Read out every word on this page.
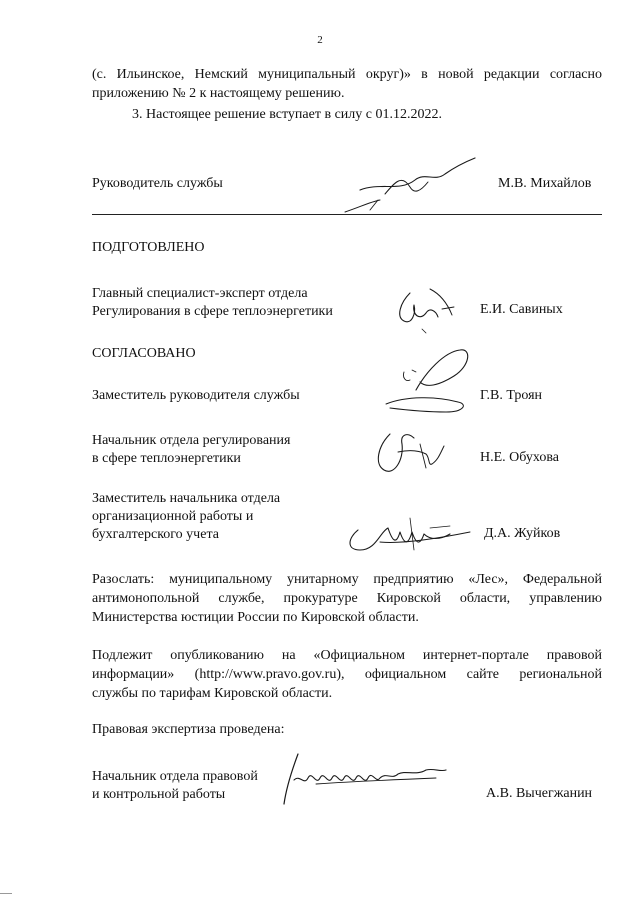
2
(с. Ильинское, Немский муниципальный округ)» в новой редакции согласно
приложению № 2 к настоящему решению.
3. Настоящее решение вступает в силу с 01.12.2022.
Руководитель службы	М.В. Михайлов
ПОДГОТОВЛЕНО
Главный специалист-эксперт отдела
Регулирования в сфере теплоэнергетики	Е.И. Савиных
СОГЛАСОВАНО
Заместитель руководителя службы	Г.В. Троян
Начальник отдела регулирования
в сфере теплоэнергетики	Н.Е. Обухова
Заместитель начальника отдела
организационной работы и
бухгалтерского учета	Д.А. Жуйков
Разослать: муниципальному унитарному предприятию «Лес», Федеральной
антимонопольной службе, прокуратуре Кировской области, управлению
Министерства юстиции России по Кировской области.
Подлежит опубликованию на «Официальном интернет-портале правовой
информации» (http://www.pravo.gov.ru), официальном сайте региональной
службы по тарифам Кировской области.
Правовая экспертиза проведена:
Начальник отдела правовой
и контрольной работы	А.В. Вычегжанин
